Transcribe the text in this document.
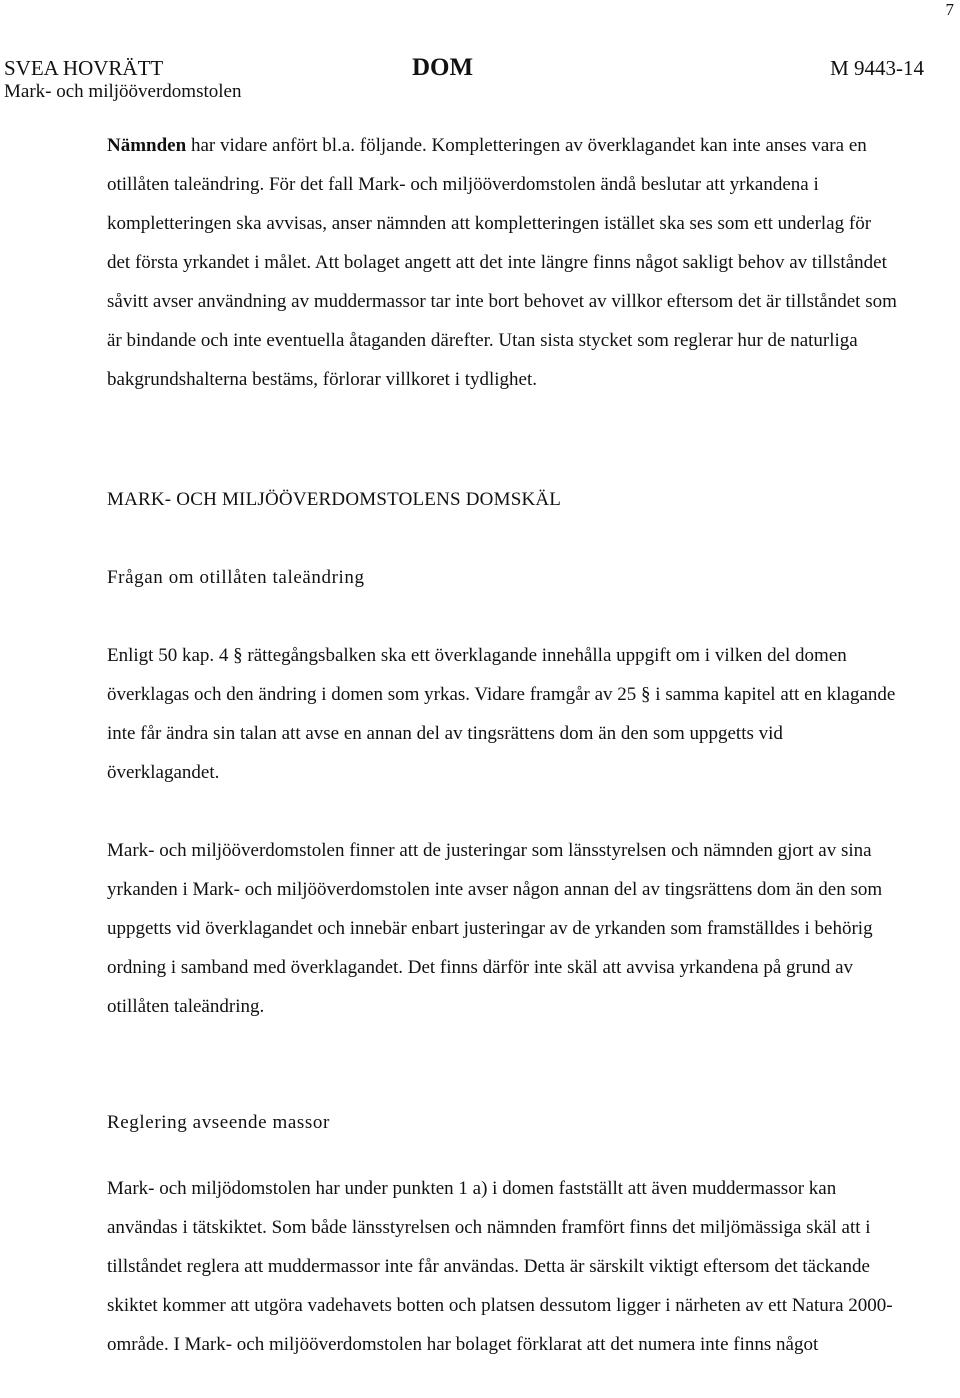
7
SVEA HOVRÄTT
Mark- och miljööverdomstolen
DOM	M 9443-14

Nämnden har vidare anfört bl.a. följande. Kompletteringen av överklagandet kan inte anses vara en otillåten taleändring. För det fall Mark- och miljööverdomstolen ändå beslutar att yrkandena i kompletteringen ska avvisas, anser nämnden att kompletteringen istället ska ses som ett underlag för det första yrkandet i målet. Att bolaget angett att det inte längre finns något sakligt behov av tillståndet såvitt avser användning av muddermassor tar inte bort behovet av villkor eftersom det är tillståndet som är bindande och inte eventuella åtaganden därefter. Utan sista stycket som reglerar hur de naturliga bakgrundshalterna bestäms, förlorar villkoret i tydlighet.

MARK- OCH MILJÖÖVERDOMSTOLENS DOMSKÄL

Frågan om otillåten taleändring

Enligt 50 kap. 4 § rättegångsbalken ska ett överklagande innehålla uppgift om i vilken del domen överklagas och den ändring i domen som yrkas. Vidare framgår av 25 § i samma kapitel att en klagande inte får ändra sin talan att avse en annan del av tingsrättens dom än den som uppgetts vid överklagandet.

Mark- och miljööverdomstolen finner att de justeringar som länsstyrelsen och nämnden gjort av sina yrkanden i Mark- och miljööverdomstolen inte avser någon annan del av tingsrättens dom än den som uppgetts vid överklagandet och innebär enbart justeringar av de yrkanden som framställdes i behörig ordning i samband med överklagandet. Det finns därför inte skäl att avvisa yrkandena på grund av otillåten taleändring.

Reglering avseende massor

Mark- och miljödomstolen har under punkten 1 a) i domen fastställt att även muddermassor kan användas i tätskiktet. Som både länsstyrelsen och nämnden framfört finns det miljömässiga skäl att i tillståndet reglera att muddermassor inte får användas. Detta är särskilt viktigt eftersom det täckande skiktet kommer att utgöra vadehavets botten och platsen dessutom ligger i närheten av ett Natura 2000-område. I Mark- och miljööverdomstolen har bolaget förklarat att det numera inte finns något
